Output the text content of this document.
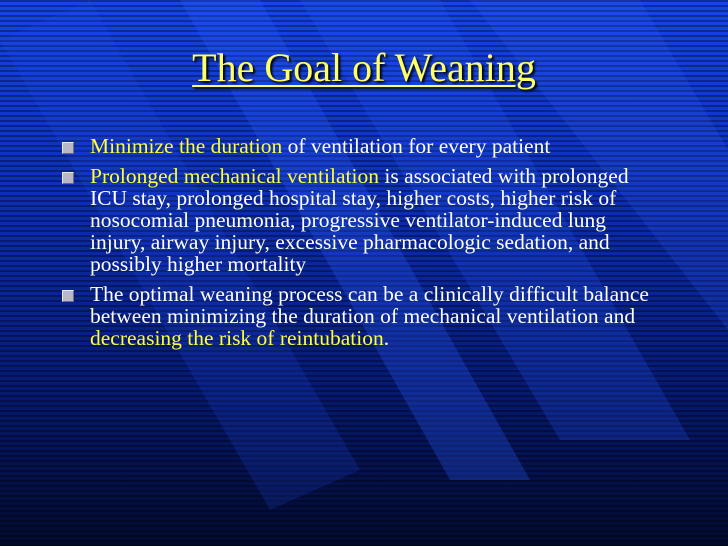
The Goal of Weaning
Minimize the duration of ventilation for every patient
Prolonged mechanical ventilation is associated with prolonged ICU stay, prolonged hospital stay, higher costs, higher risk of nosocomial pneumonia, progressive ventilator-induced lung injury, airway injury, excessive pharmacologic sedation, and possibly higher mortality
The optimal weaning process can be a clinically difficult balance between minimizing the duration of mechanical ventilation and decreasing the risk of reintubation.
